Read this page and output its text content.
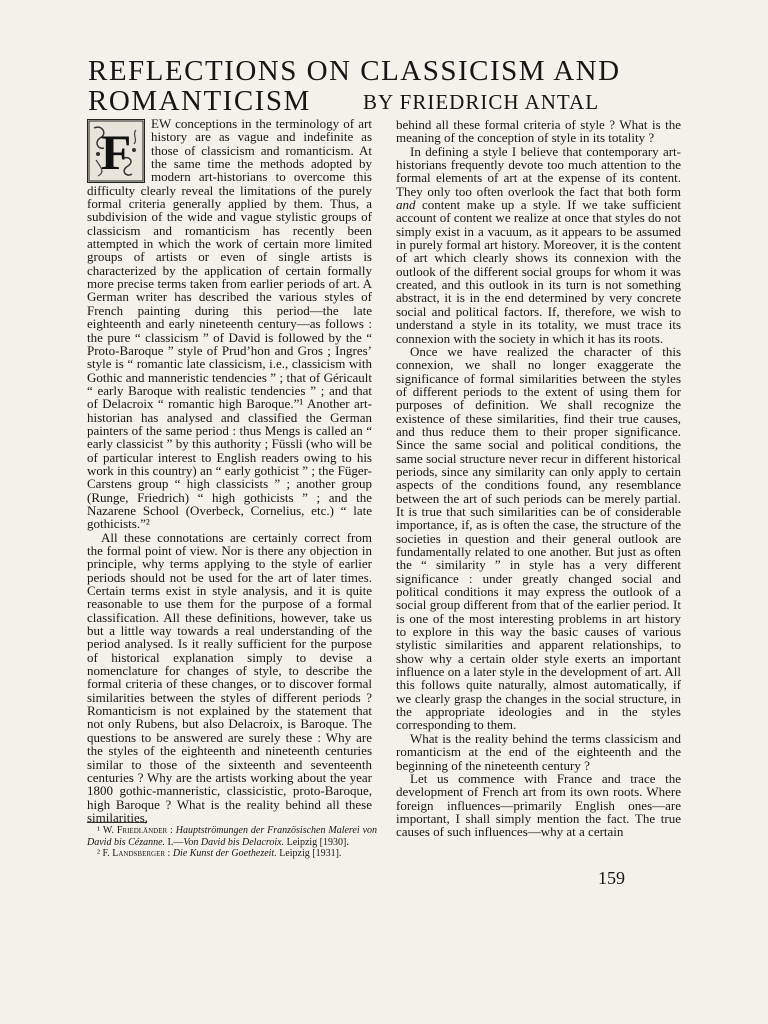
REFLECTIONS ON CLASSICISM AND
ROMANTICISM	BY FRIEDRICH ANTAL

F
EW conceptions in the terminology of art history are as vague and indefinite as those of classicism and romanticism. At the same time the methods adopted by modern art-historians to overcome this difficulty clearly reveal the limitations of the purely formal criteria generally applied by them. Thus, a subdivision of the wide and vague stylistic groups of classicism and romanticism has recently been attempted in which the work of certain more limited groups of artists or even of single artists is characterized by the application of certain formally more precise terms taken from earlier periods of art. A German writer has described the various styles of French painting during this period—the late eighteenth and early nineteenth century—as follows : the pure “ classicism ” of David is followed by the “ Proto-Baroque ” style of Prud’hon and Gros ; Ingres’ style is “ romantic late classicism, i.e., classicism with Gothic and manneristic tendencies ” ; that of Géricault “ early Baroque with realistic tendencies ” ; and that of Delacroix “ romantic high Baroque.”¹ Another art-historian has analysed and classified the German painters of the same period : thus Mengs is called an “ early classicist ” by this authority ; Füssli (who will be of particular interest to English readers owing to his work in this country) an “ early gothicist ” ; the Füger-Carstens group “ high classicists ” ; another group (Runge, Friedrich) “ high gothicists ” ; and the Nazarene School (Overbeck, Cornelius, etc.) “ late gothicists.”²

All these connotations are certainly correct from the formal point of view. Nor is there any objection in principle, why terms applying to the style of earlier periods should not be used for the art of later times. Certain terms exist in style analysis, and it is quite reasonable to use them for the purpose of a formal classification. All these definitions, however, take us but a little way towards a real understanding of the period analysed. Is it really sufficient for the purpose of historical explanation simply to devise a nomenclature for changes of style, to describe the formal criteria of these changes, or to discover formal similarities between the styles of different periods ? Romanticism is not explained by the statement that not only Rubens, but also Delacroix, is Baroque. The questions to be answered are surely these : Why are the styles of the eighteenth and nineteenth centuries similar to those of the sixteenth and seventeenth centuries ? Why are the artists working about the year 1800 gothic-manneristic, classicistic, proto-Baroque, high Baroque ? What is the reality behind all these similarities,

behind all these formal criteria of style ? What is the meaning of the conception of style in its totality ?

In defining a style I believe that contemporary art-historians frequently devote too much attention to the formal elements of art at the expense of its content. They only too often overlook the fact that both form and content make up a style. If we take sufficient account of content we realize at once that styles do not simply exist in a vacuum, as it appears to be assumed in purely formal art history. Moreover, it is the content of art which clearly shows its connexion with the outlook of the different social groups for whom it was created, and this outlook in its turn is not something abstract, it is in the end determined by very concrete social and political factors. If, therefore, we wish to understand a style in its totality, we must trace its connexion with the society in which it has its roots.

Once we have realized the character of this connexion, we shall no longer exaggerate the significance of formal similarities between the styles of different periods to the extent of using them for purposes of definition. We shall recognize the existence of these similarities, find their true causes, and thus reduce them to their proper significance. Since the same social and political conditions, the same social structure never recur in different historical periods, since any similarity can only apply to certain aspects of the conditions found, any resemblance between the art of such periods can be merely partial. It is true that such similarities can be of considerable importance, if, as is often the case, the structure of the societies in question and their general outlook are fundamentally related to one another. But just as often the “ similarity ” in style has a very different significance : under greatly changed social and political conditions it may express the outlook of a social group different from that of the earlier period. It is one of the most interesting problems in art history to explore in this way the basic causes of various stylistic similarities and apparent relationships, to show why a certain older style exerts an important influence on a later style in the development of art. All this follows quite naturally, almost automatically, if we clearly grasp the changes in the social structure, in the appropriate ideologies and in the styles corresponding to them.

What is the reality behind the terms classicism and romanticism at the end of the eighteenth and the beginning of the nineteenth century ?

Let us commence with France and trace the development of French art from its own roots. Where foreign influences—primarily English ones—are important, I shall simply mention the fact. The true causes of such influences—why at a certain

¹ W. Friedländer : Hauptströmungen der Französischen Malerei von David bis Cézanne. I.—Von David bis Delacroix. Leipzig [1930].

² F. Landsberger : Die Kunst der Goethezeit. Leipzig [1931].

159
